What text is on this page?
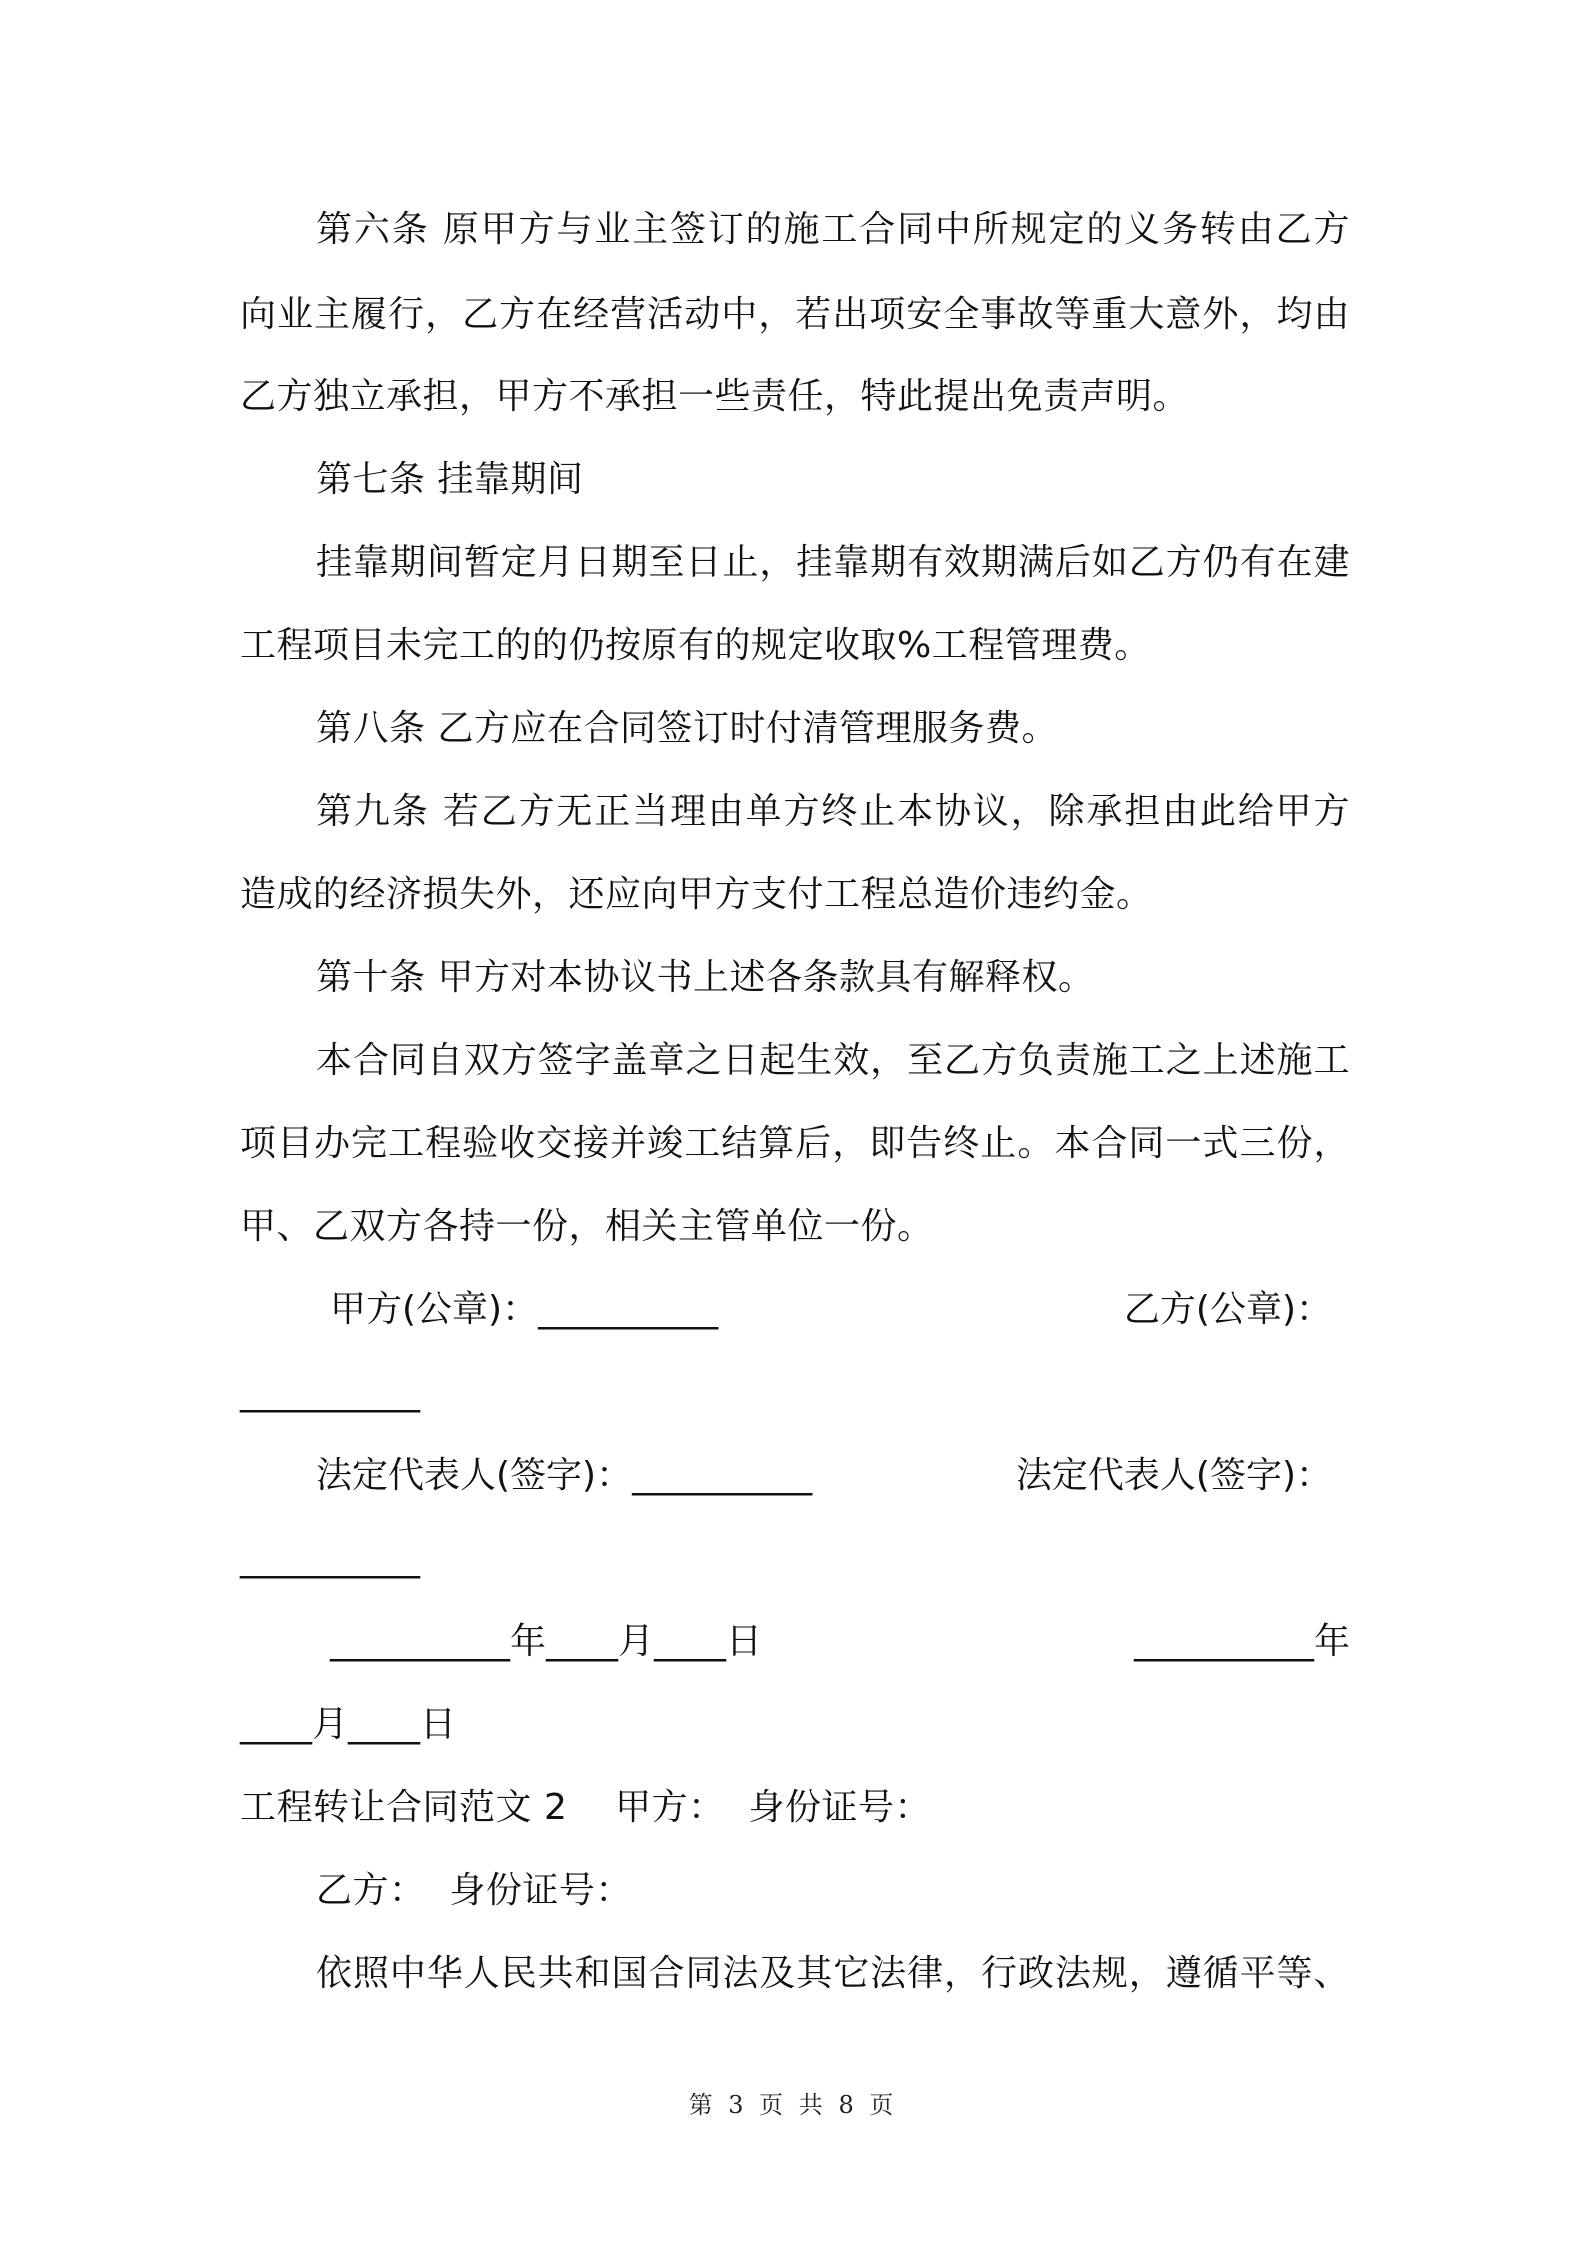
第六条 原甲方与业主签订的施工合同中所规定的义务转由乙方
向业主履行，乙方在经营活动中，若出项安全事故等重大意外，均由
乙方独立承担，甲方不承担一些责任，特此提出免责声明。
第七条 挂靠期间
挂靠期间暂定月日期至日止，挂靠期有效期满后如乙方仍有在建
工程项目未完工的的仍按原有的规定收取%工程管理费。
第八条 乙方应在合同签订时付清管理服务费。
第九条 若乙方无正当理由单方终止本协议，除承担由此给甲方
造成的经济损失外，还应向甲方支付工程总造价违约金。
第十条 甲方对本协议书上述各条款具有解释权。
本合同自双方签字盖章之日起生效，至乙方负责施工之上述施工
项目办完工程验收交接并竣工结算后，即告终止。本合同一式三份，
甲、乙双方各持一份，相关主管单位一份。
甲方(公章)：__________	乙方(公章)：
__________
法定代表人(签字)：__________	法定代表人(签字)：
__________
__________年____月____日	__________年
____月____日
工程转让合同范文 2    甲方：  身份证号：
乙方：  身份证号：
依照中华人民共和国合同法及其它法律，行政法规，遵循平等、
第 3 页 共 8 页
